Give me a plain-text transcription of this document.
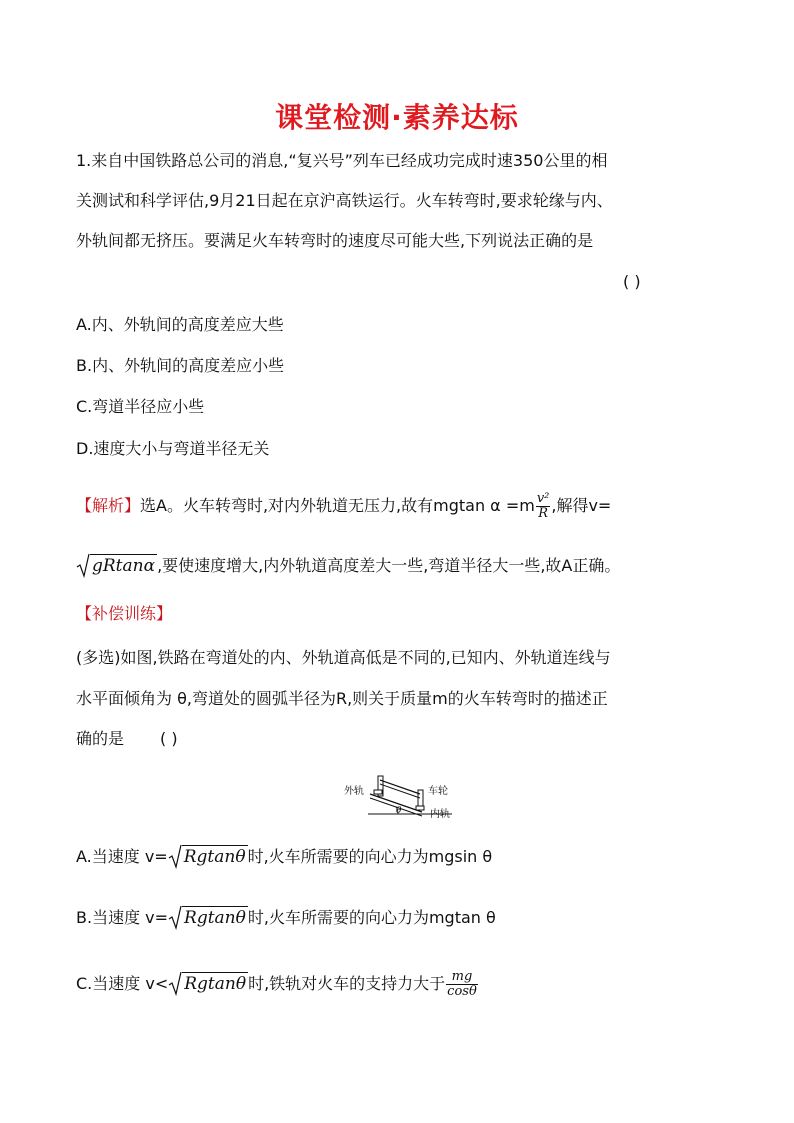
课堂检测·素养达标
1.来自中国铁路总公司的消息,“复兴号”列车已经成功完成时速350公里的相
关测试和科学评估,9月21日起在京沪高铁运行。火车转弯时,要求轮缘与内、
外轨间都无挤压。要满足火车转弯时的速度尽可能大些,下列说法正确的是
( )
A.内、外轨间的高度差应大些
B.内、外轨间的高度差应小些
C.弯道半径应小些
D.速度大小与弯道半径无关
【解析】选A。火车转弯时,对内外轨道无压力,故有mgtan $\alpha =m \frac{\text{v²}}{R}$ ,解得v=
gRtanα ,要使速度增大,内外轨道高度差大一些,弯道半径大一些,故A正确。
【补偿训练】
(多选)如图,铁路在弯道处的内、外轨道高低是不同的,已知内、外轨道连线与
水平面倾角为 θ,弯道处的圆弧半径为R,则关于质量m的火车转弯时的描述正
确的是 ( )
外轨	车轮
内轨
θ
A.当速度 v= Rgtanθ 时,火车所需要的向心力为mgsin θ
B.当速度 v= Rgtanθ 时,火车所需要的向心力为mgtan θ
C.当速度 v< Rgtanθ 时,铁轨对火车的支持力大于 $\frac{mg}{\cos\theta}$
